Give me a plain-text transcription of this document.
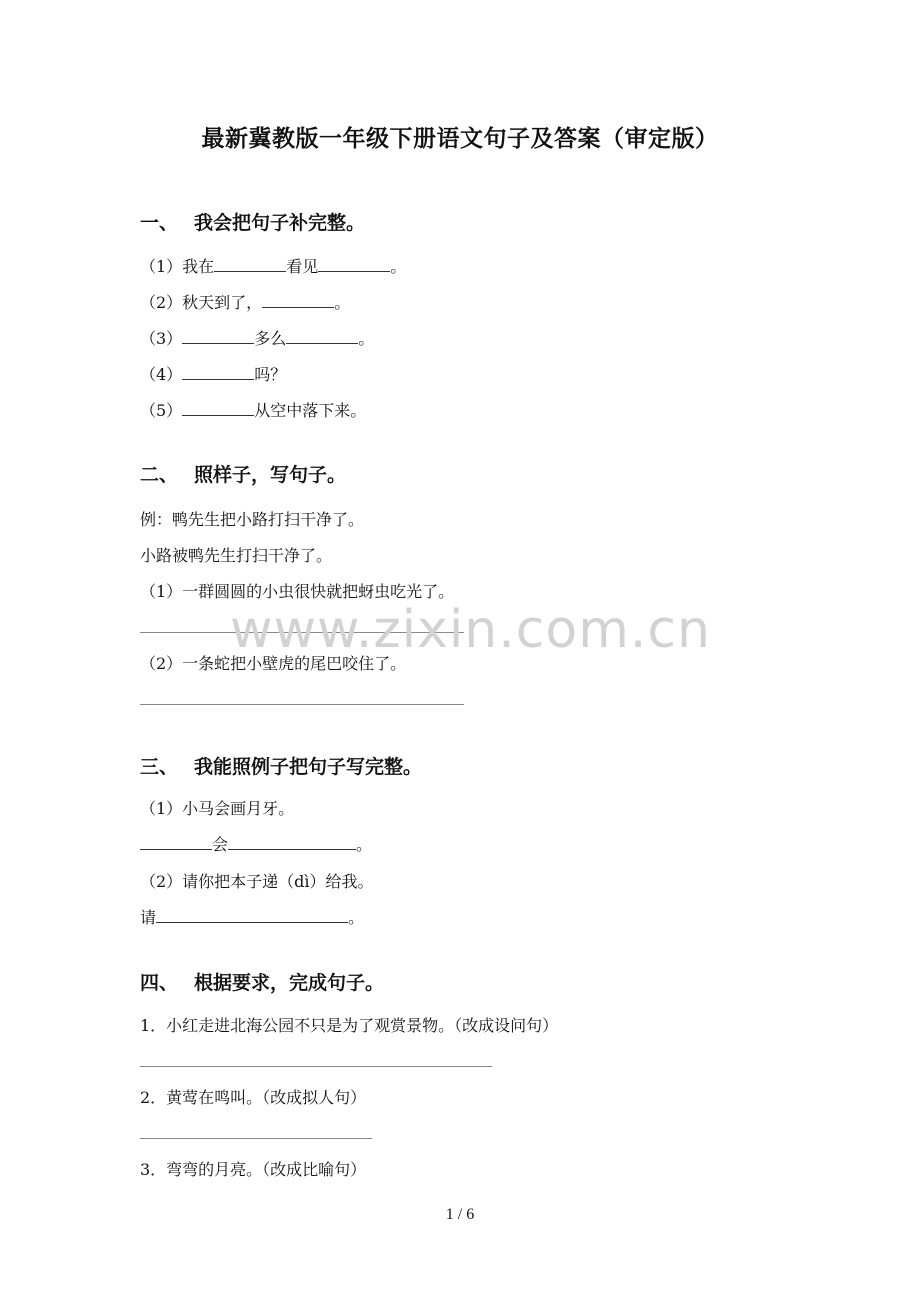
最新冀教版一年级下册语文句子及答案（审定版）
一、 我会把句子补完整。
（1）我在	看见	。
（2）秋天到了，	。
（3）	多么	。
（4）	吗？
（5）	从空中落下来。
二、 照样子，写句子。
例：鸭先生把小路打扫干净了。
小路被鸭先生打扫干净了。
（1）一群圆圆的小虫很快就把蚜虫吃光了。
（2）一条蛇把小壁虎的尾巴咬住了。
三、 我能照例子把句子写完整。
（1）小马会画月牙。
会	。
（2）请你把本子递（dì）给我。
请	。
四、 根据要求，完成句子。
1．小红走进北海公园不只是为了观赏景物。（改成设问句）
2．黄莺在鸣叫。（改成拟人句）
3．弯弯的月亮。（改成比喻句）
www.zixin.com.cn
1 / 6
